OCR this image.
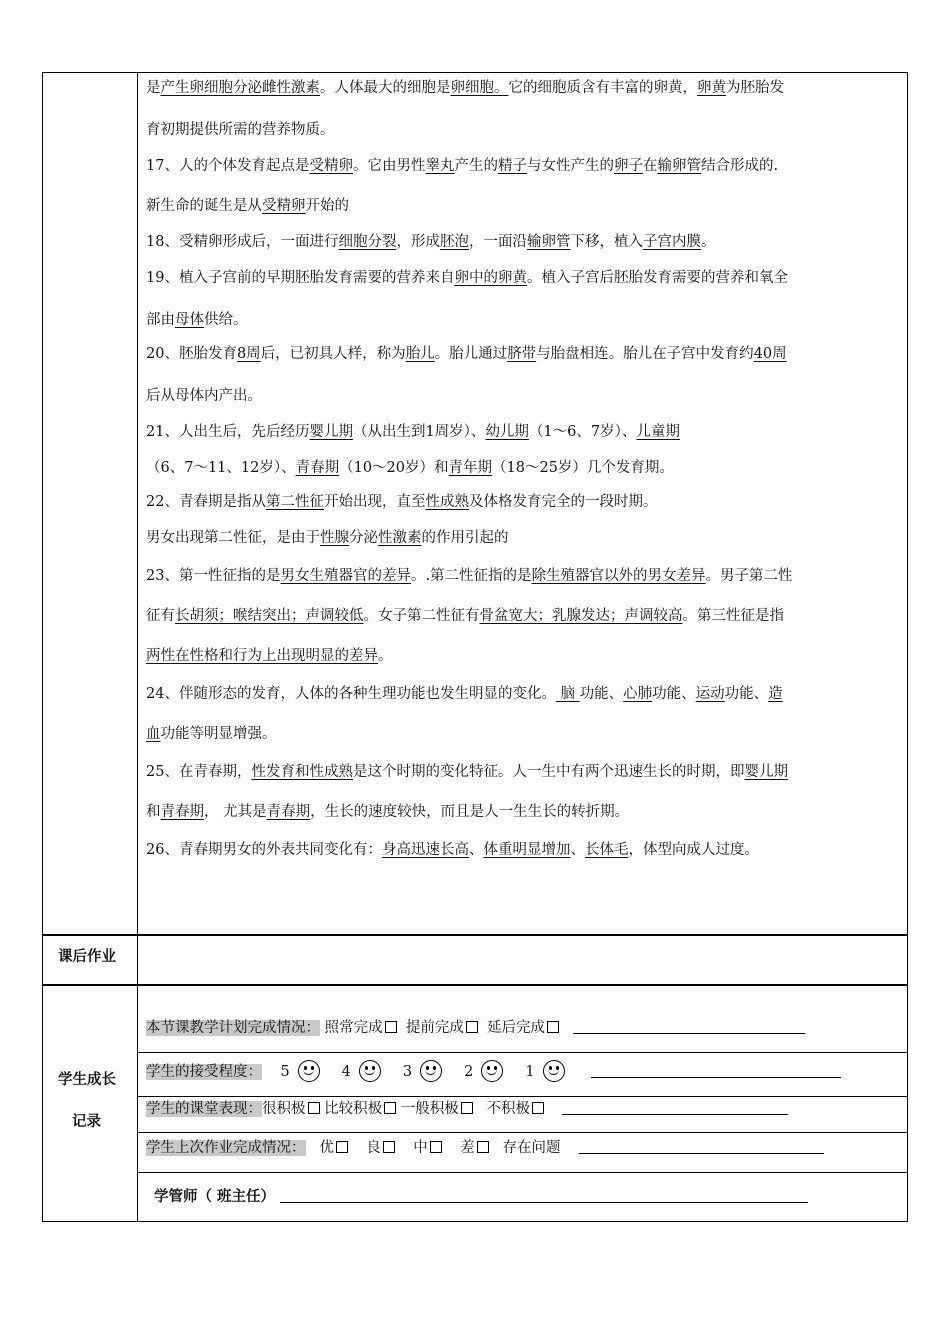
是产生卵细胞分泌雌性激素。人体最大的细胞是卵细胞。它的细胞质含有丰富的卵黄，卵黄为胚胎发
育初期提供所需的营养物质。
17、人的个体发育起点是受精卵。它由男性睾丸产生的精子与女性产生的卵子在输卵管结合形成的.
新生命的诞生是从受精卵开始的
18、受精卵形成后，一面进行细胞分裂，形成胚泡，一面沿输卵管下移，植入子宫内膜。
19、植入子宫前的早期胚胎发育需要的营养来自卵中的卵黄。植入子宫后胚胎发育需要的营养和氧全
部由母体供给。
20、胚胎发育8周后，已初具人样，称为胎儿。胎儿通过脐带与胎盘相连。胎儿在子宫中发育约40周
后从母体内产出。
21、人出生后，先后经历婴儿期（从出生到1周岁）、幼儿期（1～6、7岁）、儿童期
（6、7～11、12岁）、青春期（10～20岁）和青年期（18～25岁）几个发育期。
22、青春期是指从第二性征开始出现，直至性成熟及体格发育完全的一段时期。
男女出现第二性征，是由于性腺分泌性激素的作用引起的
23、第一性征指的是男女生殖器官的差异。.第二性征指的是除生殖器官以外的男女差异。男子第二性
征有长胡须；喉结突出；声调较低。女子第二性征有骨盆宽大；乳腺发达；声调较高。第三性征是指
两性在性格和行为上出现明显的差异。
24、伴随形态的发育，人体的各种生理功能也发生明显的变化。 脑 功能、心肺功能、运动功能、造
血功能等明显增强。
25、在青春期，性发育和性成熟是这个时期的变化特征。人一生中有两个迅速生长的时期，即婴儿期
和青春期， 尤其是青春期，生长的速度较快，而且是人一生生长的转折期。
26、青春期男女的外表共同变化有：身高迅速长高、体重明显增加、长体毛，体型向成人过度。
课后作业
学生成长
记录
本节课教学计划完成情况： 照常完成 提前完成 延后完成
学生的接受程度： 5	4	3	2	1

学生的课堂表现：很积极 比较积极 一般积极 不积极
学生上次作业完成情况： 优 良 中 差 存在问题
学管师（ 班主任）
